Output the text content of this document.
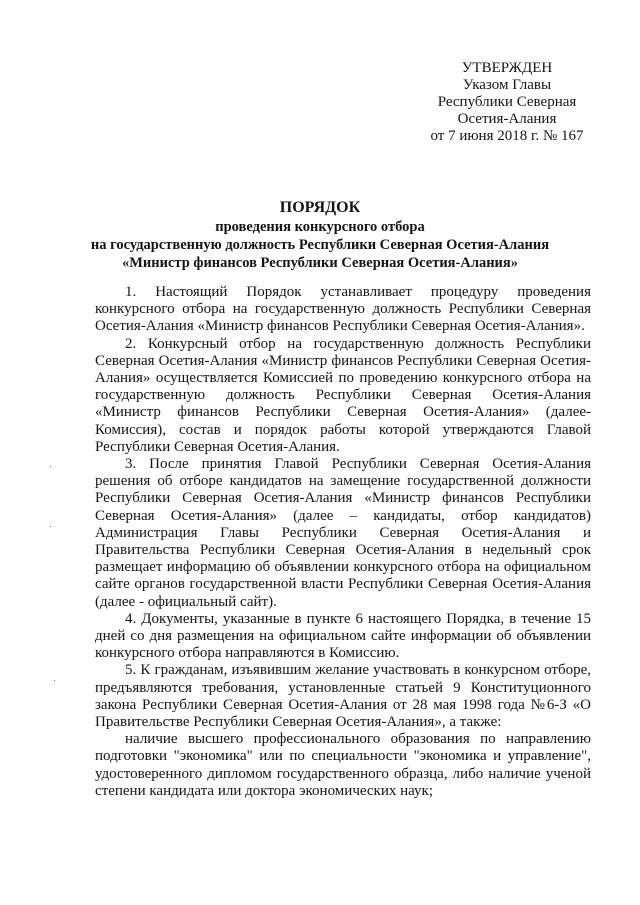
УТВЕРЖДЕН
Указом Главы
Республики Северная
Осетия-Алания
от 7 июня 2018 г. № 167
ПОРЯДОК
проведения конкурсного отбора
на государственную должность Республики Северная Осетия-Алания
«Министр финансов Республики Северная Осетия-Алания»

1. Настоящий Порядок устанавливает процедуру проведения конкурсного отбора на государственную должность Республики Северная Осетия-Алания «Министр финансов Республики Северная Осетия-Алания».

2. Конкурсный отбор на государственную должность Республики Северная Осетия-Алания «Министр финансов Республики Северная Осетия-Алания» осуществляется Комиссией по проведению конкурсного отбора на государственную должность Республики Северная Осетия-Алания «Министр финансов Республики Северная Осетия-Алания» (далее-Комиссия), состав и порядок работы которой утверждаются Главой Республики Северная Осетия-Алания.

3. После принятия Главой Республики Северная Осетия-Алания решения об отборе кандидатов на замещение государственной должности Республики Северная Осетия-Алания «Министр финансов Республики Северная Осетия-Алания» (далее – кандидаты, отбор кандидатов) Администрация Главы Республики Северная Осетия-Алания и Правительства Республики Северная Осетия-Алания в недельный срок размещает информацию об объявлении конкурсного отбора на официальном сайте органов государственной власти Республики Северная Осетия-Алания (далее - официальный сайт).

4. Документы, указанные в пункте 6 настоящего Порядка, в течение 15 дней со дня размещения на официальном сайте информации об объявлении конкурсного отбора направляются в Комиссию.

5. К гражданам, изъявившим желание участвовать в конкурсном отборе, предъявляются требования, установленные статьей 9 Конституционного закона Республики Северная Осетия-Алания от 28 мая 1998 года №6-З «О Правительстве Республики Северная Осетия-Алания», а также:

наличие высшего профессионального образования по направлению подготовки "экономика" или по специальности "экономика и управление", удостоверенного дипломом государственного образца, либо наличие ученой степени кандидата или доктора экономических наук;
